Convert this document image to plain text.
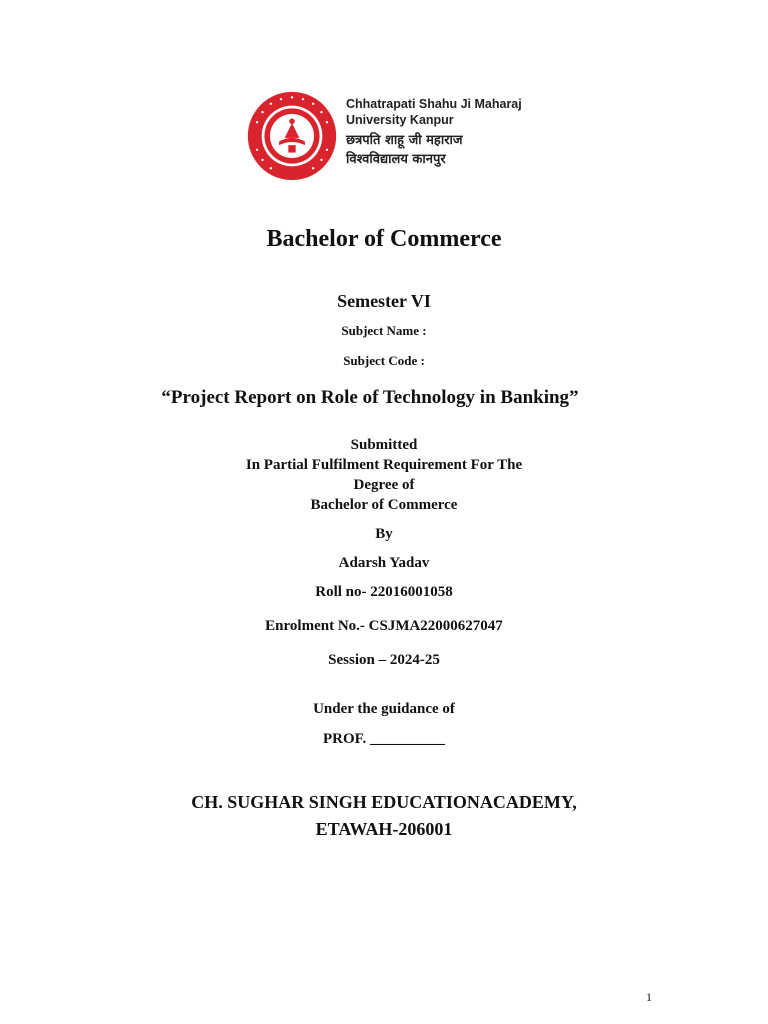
Chhatrapati Shahu Ji Maharaj
University Kanpur
छत्रपति शाहू जी महाराज
विश्वविद्यालय कानपुर
Bachelor of Commerce
Semester VI
Subject Name :
Subject Code :
“Project Report on Role of Technology in Banking”
Submitted
In Partial Fulfilment Requirement For The
Degree of
Bachelor of Commerce
By
Adarsh Yadav
Roll no- 22016001058
Enrolment No.- CSJMA22000627047
Session – 2024-25
Under the guidance of
PROF. __________
CH. SUGHAR SINGH EDUCATIONACADEMY,
ETAWAH-206001
1
